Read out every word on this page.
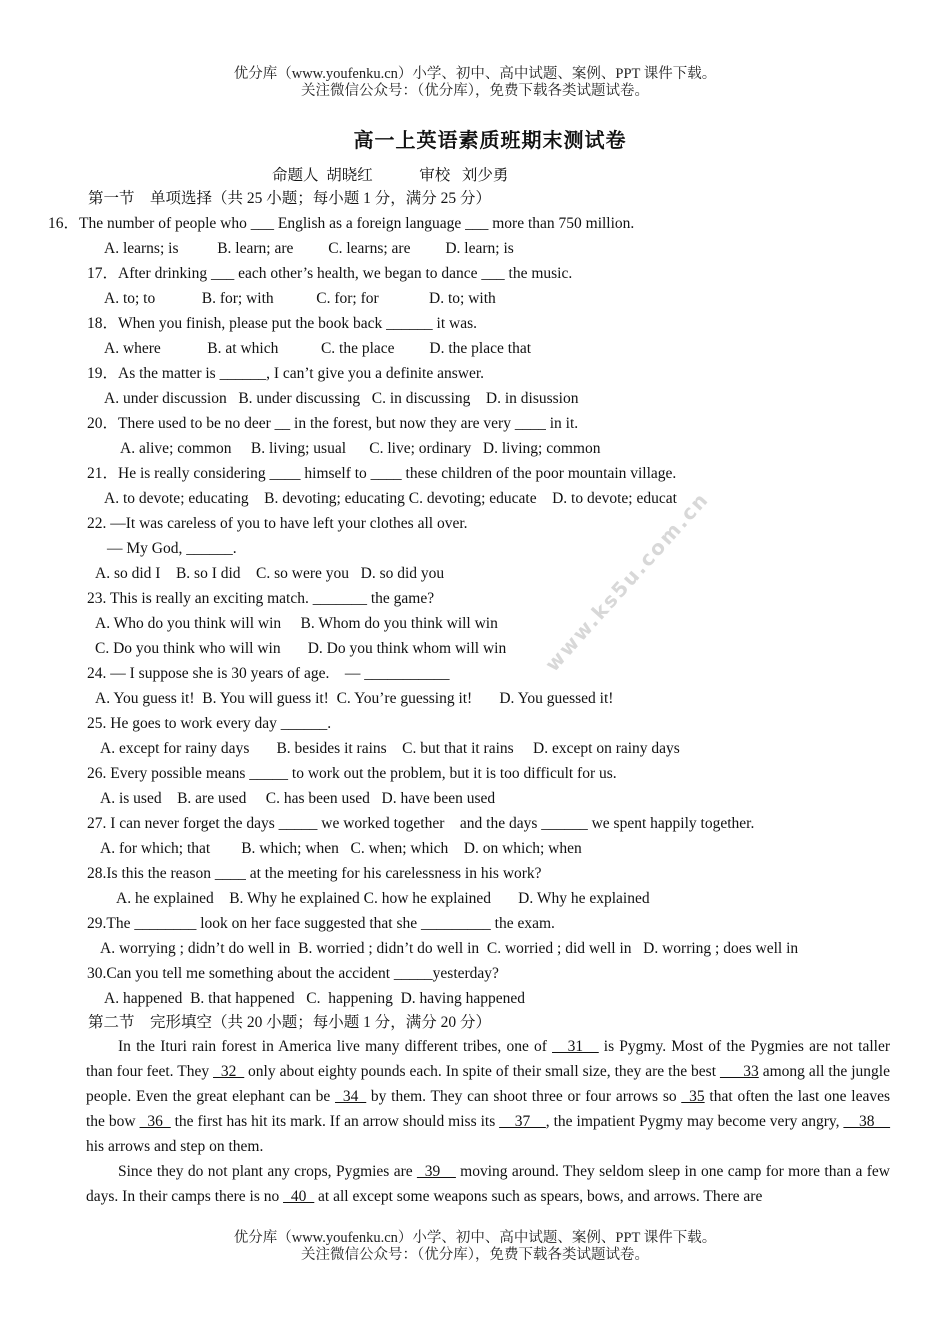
优分库（www.youfenku.cn）小学、初中、高中试题、案例、PPT 课件下载。
关注微信公众号：（优分库），免费下载各类试题试卷。
高一上英语素质班期末测试卷
命题人  胡晓红            审校   刘少勇
第一节    单项选择（共 25 小题；每小题 1 分，满分 25 分）
16．The number of people who ___ English as a foreign language ___ more than 750 million.
A. learns; is          B. learn; are         C. learns; are         D. learn; is
17．After drinking ___ each other’s health, we began to dance ___ the music.
A. to; to            B. for; with           C. for; for             D. to; with
18．When you finish, please put the book back ______ it was.
A. where            B. at which           C. the place         D. the place that
19．As the matter is ______, I can’t give you a definite answer.
A. under discussion   B. under discussing   C. in discussing    D. in disussion
20．There used to be no deer __ in the forest, but now they are very ____ in it.
A. alive; common     B. living; usual      C. live; ordinary   D. living; common
21．He is really considering ____ himself to ____ these children of the poor mountain village.
A. to devote; educating    B. devoting; educating C. devoting; educate    D. to devote; educat
22. —It was careless of you to have left your clothes all over.
— My God, ______.
A. so did I    B. so I did    C. so were you   D. so did you
23. This is really an exciting match. _______ the game?
A. Who do you think will win     B. Whom do you think will win
C. Do you think who will win       D. Do you think whom will win
24. — I suppose she is 30 years of age.    — ___________
A. You guess it!  B. You will guess it!  C. You’re guessing it!       D. You guessed it!
25. He goes to work every day ______.
A. except for rainy days       B. besides it rains    C. but that it rains     D. except on rainy days
26. Every possible means _____ to work out the problem, but it is too difficult for us.
A. is used    B. are used     C. has been used   D. have been used
27. I can never forget the days _____ we worked together    and the days ______ we spent happily together.
A. for which; that        B. which; when   C. when; which    D. on which; when
28.Is this the reason ____ at the meeting for his carelessness in his work?
A. he explained    B. Why he explained C. how he explained       D. Why he explained
29.The ________ look on her face suggested that she _________ the exam.
A. worrying ; didn’t do well in  B. worried ; didn’t do well in  C. worried ; did well in   D. worring ; does well in
30.Can you tell me something about the accident _____yesterday?
A. happened  B. that happened   C.  happening  D. having happened
第二节    完形填空（共 20 小题；每小题 1 分，满分 20 分）
In the Ituri rain forest in America live many different tribes, one of __31__ is Pygmy. Most of the Pygmies are not taller than four feet. They _32_ only about eighty pounds each. In spite of their small size, they are the best ___33 among all the jungle people. Even the great elephant can be _34_ by them. They can shoot three or four arrows so _35 that often the last one leaves the bow _36_ the first has hit its mark. If an arrow should miss its __37__, the impatient Pygmy may become very angry, __38__ his arrows and step on them.
Since they do not plant any crops, Pygmies are _39__ moving around. They seldom sleep in one camp for more than a few days. In their camps there is no _40_ at all except some weapons such as spears, bows, and arrows. There are
www.ks5u.com.cn
优分库（www.youfenku.cn）小学、初中、高中试题、案例、PPT 课件下载。
关注微信公众号：（优分库），免费下载各类试题试卷。
